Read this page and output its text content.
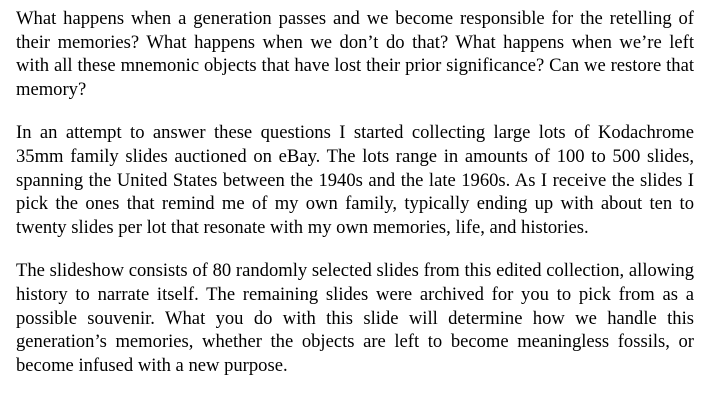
What happens when a generation passes and we become responsible for the retelling of their memories? What happens when we don’t do that? What happens when we’re left with all these mnemonic objects that have lost their prior significance? Can we restore that memory?

In an attempt to answer these questions I started collecting large lots of Kodachrome 35mm family slides auctioned on eBay. The lots range in amounts of 100 to 500 slides, spanning the United States between the 1940s and the late 1960s. As I receive the slides I pick the ones that remind me of my own family, typically ending up with about ten to twenty slides per lot that resonate with my own memories, life, and histories.

The slideshow consists of 80 randomly selected slides from this edited collection, allowing history to narrate itself. The remaining slides were archived for you to pick from as a possible souvenir. What you do with this slide will determine how we handle this generation’s memories, whether the objects are left to become meaningless fossils, or become infused with a new purpose.
